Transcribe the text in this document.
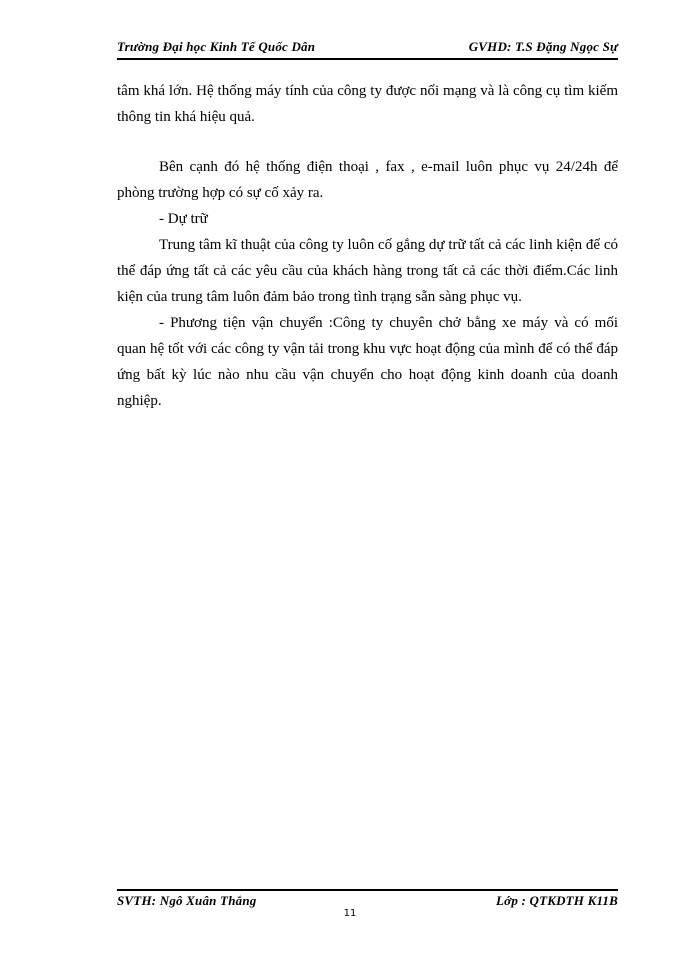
Trường Đại học Kinh Tế Quốc Dân	GVHD: T.S Đặng Ngọc Sự

tâm khá lớn. Hệ thống máy tính của công ty được nối mạng và là công cụ tìm kiếm thông tin khá hiệu quả.

Bên cạnh đó hệ thống điện thoại , fax , e-mail luôn phục vụ 24/24h để phòng trường hợp có sự cố xảy ra.

- Dự trữ

Trung tâm kĩ thuật của công ty luôn cố gắng dự trữ tất cả các linh kiện để có thể đáp ứng tất cả các yêu cầu của khách hàng trong tất cả các thời điểm.Các linh kiện của trung tâm luôn đảm bảo trong tình trạng sẵn sàng phục vụ.

- Phương tiện vận chuyển :Công ty chuyên chở bằng xe máy và có mối quan hệ tốt với các công ty vận tải trong khu vực hoạt động của mình để có thể đáp ứng bất kỳ lúc nào nhu cầu vận chuyển cho hoạt động kinh doanh của doanh nghiệp.

SVTH: Ngô Xuân Thắng	Lớp : QTKDTH K11B
11
